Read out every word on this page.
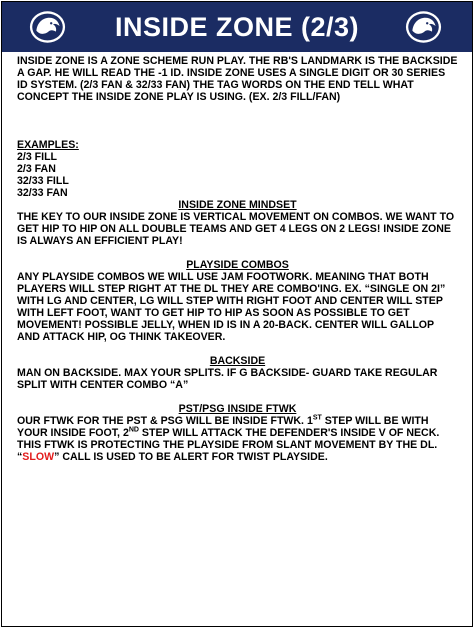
INSIDE ZONE (2/3)

INSIDE ZONE IS A ZONE SCHEME RUN PLAY. THE RB'S LANDMARK IS THE BACKSIDE A GAP. HE WILL READ THE -1 ID. INSIDE ZONE USES A SINGLE DIGIT OR 30 SERIES ID SYSTEM. (2/3 FAN & 32/33 FAN) THE TAG WORDS ON THE END TELL WHAT CONCEPT THE INSIDE ZONE PLAY IS USING. (EX. 2/3 FILL/FAN)

EXAMPLES:

2/3 FILL

2/3 FAN

32/33 FILL

32/33 FAN

INSIDE ZONE MINDSET

THE KEY TO OUR INSIDE ZONE IS VERTICAL MOVEMENT ON COMBOS. WE WANT TO GET HIP TO HIP ON ALL DOUBLE TEAMS AND GET 4 LEGS ON 2 LEGS! INSIDE ZONE IS ALWAYS AN EFFICIENT PLAY!

PLAYSIDE COMBOS

ANY PLAYSIDE COMBOS WE WILL USE JAM FOOTWORK. MEANING THAT BOTH PLAYERS WILL STEP RIGHT AT THE DL THEY ARE COMBO'ING. EX. “SINGLE ON 2I” WITH LG AND CENTER, LG WILL STEP WITH RIGHT FOOT AND CENTER WILL STEP WITH LEFT FOOT, WANT TO GET HIP TO HIP AS SOON AS POSSIBLE TO GET MOVEMENT! POSSIBLE JELLY, WHEN ID IS IN A 20-BACK. CENTER WILL GALLOP AND ATTACK HIP, OG THINK TAKEOVER.

BACKSIDE

MAN ON BACKSIDE. MAX YOUR SPLITS. IF G BACKSIDE- GUARD TAKE REGULAR SPLIT WITH CENTER COMBO “A”

PST/PSG INSIDE FTWK

OUR FTWK FOR THE PST & PSG WILL BE INSIDE FTWK. 1ST STEP WILL BE WITH YOUR INSIDE FOOT, 2ND STEP WILL ATTACK THE DEFENDER'S INSIDE V OF NECK. THIS FTWK IS PROTECTING THE PLAYSIDE FROM SLANT MOVEMENT BY THE DL. “SLOW” CALL IS USED TO BE ALERT FOR TWIST PLAYSIDE.
